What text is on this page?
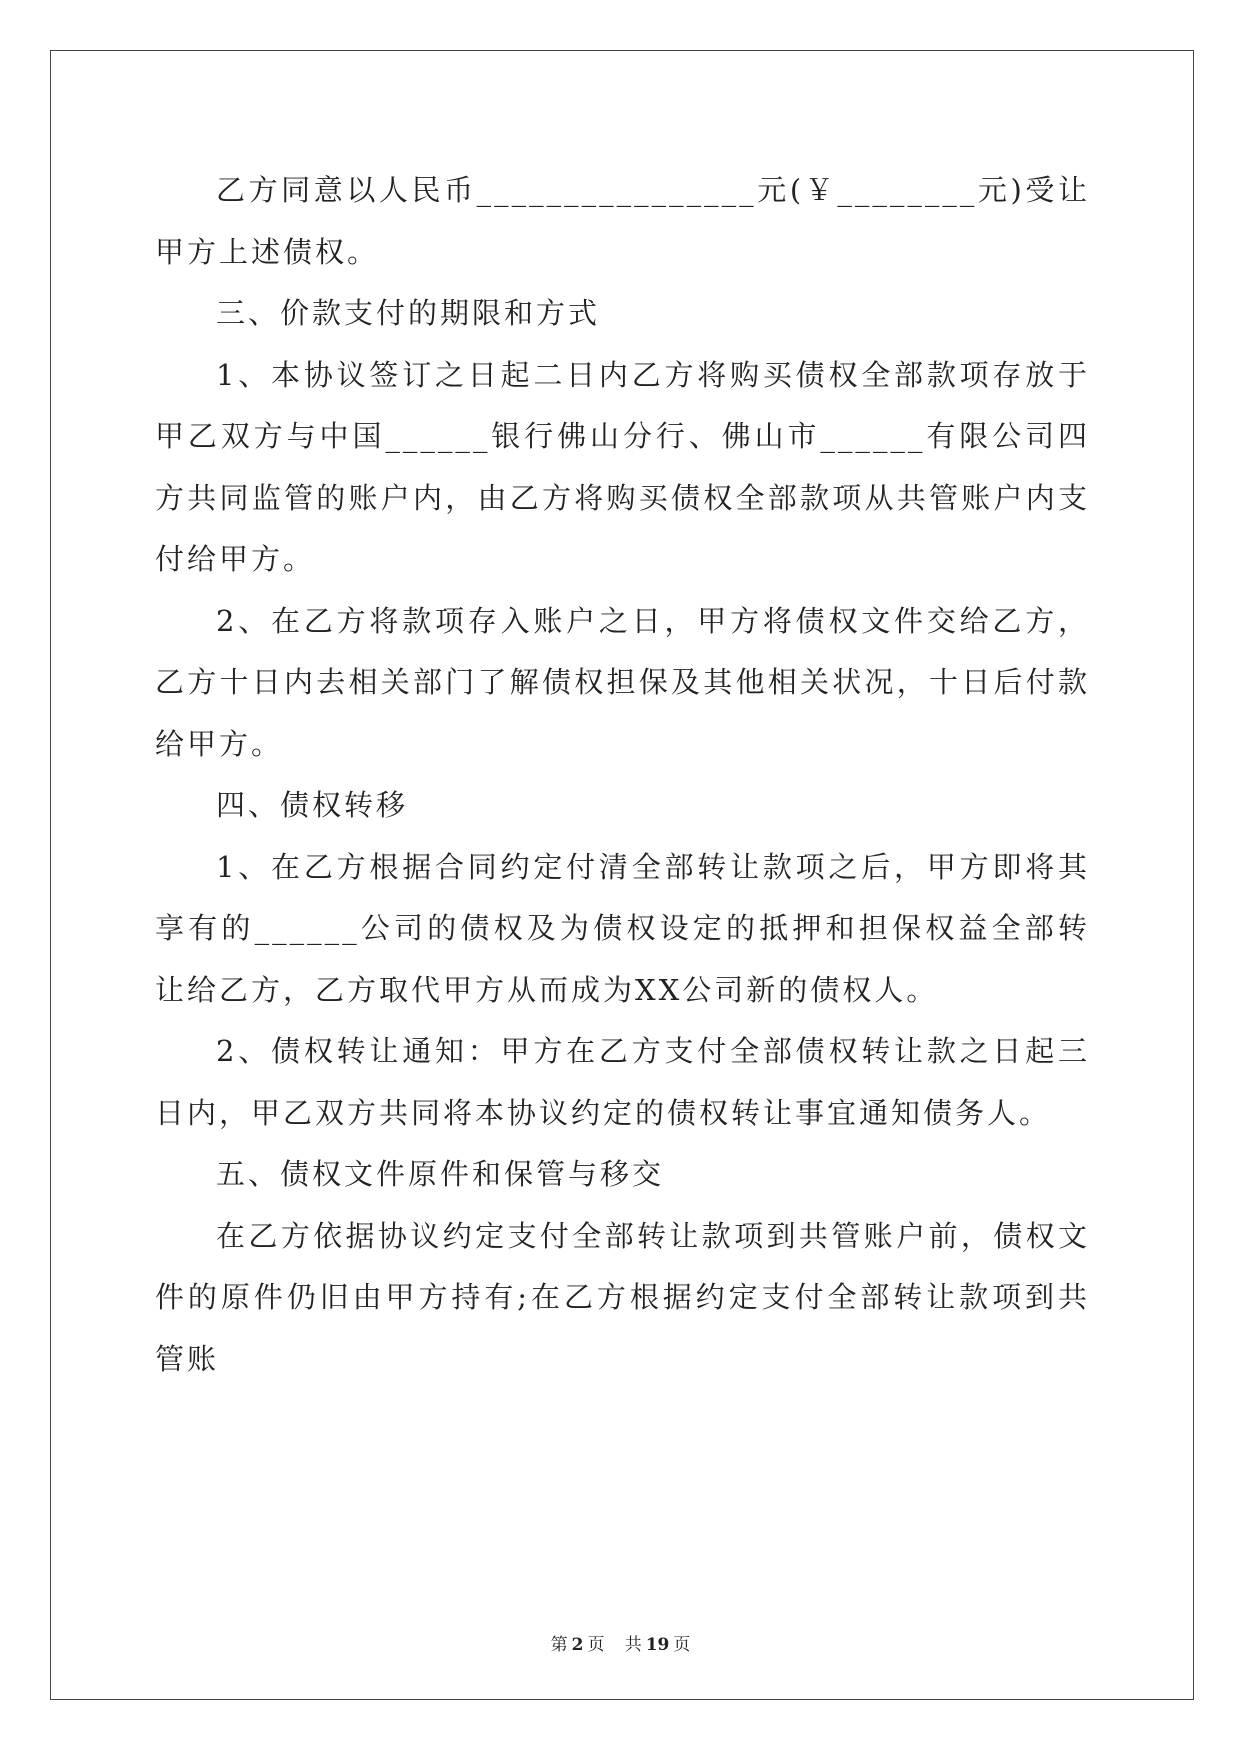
乙方同意以人民币________________元(￥________元)受让甲方上述债权。

三、价款支付的期限和方式

1、本协议签订之日起二日内乙方将购买债权全部款项存放于甲乙双方与中国______银行佛山分行、佛山市______有限公司四方共同监管的账户内，由乙方将购买债权全部款项从共管账户内支付给甲方。

2、在乙方将款项存入账户之日，甲方将债权文件交给乙方，乙方十日内去相关部门了解债权担保及其他相关状况，十日后付款给甲方。

四、债权转移

1、在乙方根据合同约定付清全部转让款项之后，甲方即将其享有的______公司的债权及为债权设定的抵押和担保权益全部转让给乙方，乙方取代甲方从而成为XX公司新的债权人。

2、债权转让通知：甲方在乙方支付全部债权转让款之日起三日内，甲乙双方共同将本协议约定的债权转让事宜通知债务人。

五、债权文件原件和保管与移交

在乙方依据协议约定支付全部转让款项到共管账户前，债权文件的原件仍旧由甲方持有;在乙方根据约定支付全部转让款项到共管账

第 2 页 共 19 页
